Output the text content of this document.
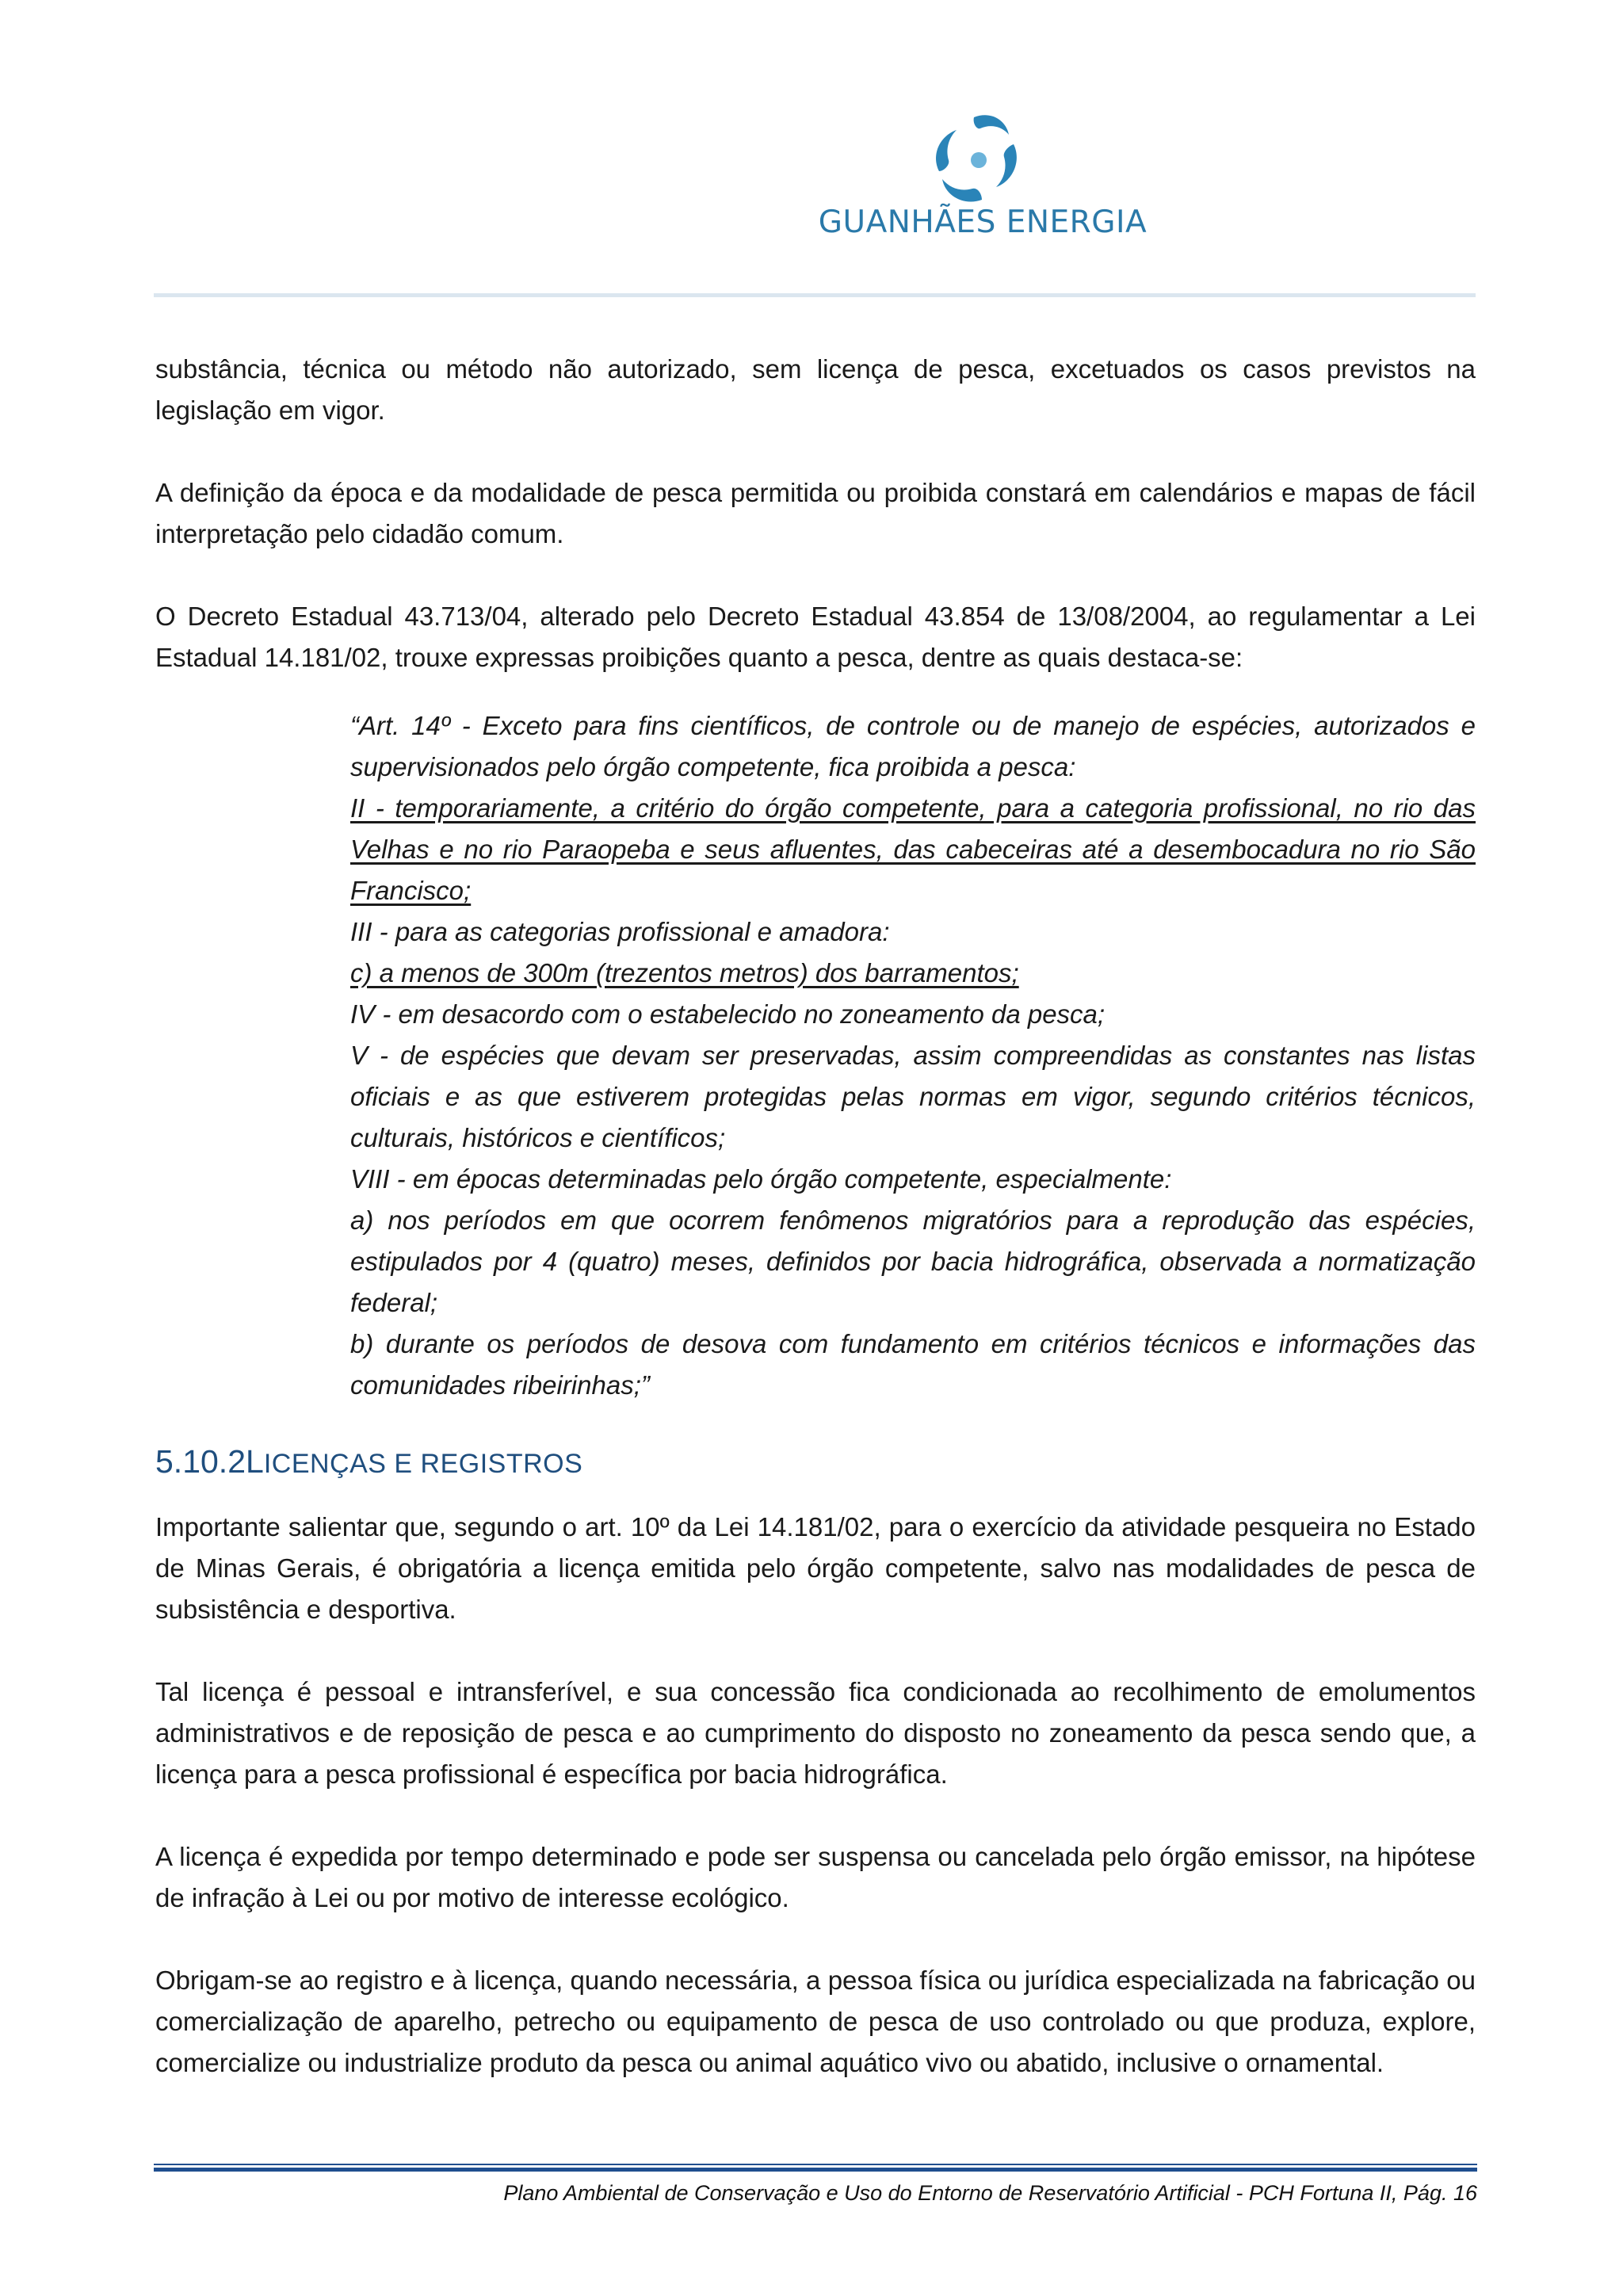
GUANHÃES ENERGIA

substância, técnica ou método não autorizado, sem licença de pesca, excetuados os casos previstos na legislação em vigor.

A definição da época e da modalidade de pesca permitida ou proibida constará em calendários e mapas de fácil interpretação pelo cidadão comum.

O Decreto Estadual 43.713/04, alterado pelo Decreto Estadual 43.854 de 13/08/2004, ao regulamentar a Lei Estadual 14.181/02, trouxe expressas proibições quanto a pesca, dentre as quais destaca-se:

“Art. 14º - Exceto para fins científicos, de controle ou de manejo de espécies, autorizados e supervisionados pelo órgão competente, fica proibida a pesca:

II - temporariamente, a critério do órgão competente, para a categoria profissional, no rio das Velhas e no rio Paraopeba e seus afluentes, das cabeceiras até a desembocadura no rio São Francisco;

III - para as categorias profissional e amadora:

c) a menos de 300m (trezentos metros) dos barramentos;

IV - em desacordo com o estabelecido no zoneamento da pesca;

V - de espécies que devam ser preservadas, assim compreendidas as constantes nas listas oficiais e as que estiverem protegidas pelas normas em vigor, segundo critérios técnicos, culturais, históricos e científicos;

VIII - em épocas determinadas pelo órgão competente, especialmente:

a) nos períodos em que ocorrem fenômenos migratórios para a reprodução das espécies, estipulados por 4 (quatro) meses, definidos por bacia hidrográfica, observada a normatização federal;

b) durante os períodos de desova com fundamento em critérios técnicos e informações das comunidades ribeirinhas;”

5.10.2LICENÇAS E REGISTROS

Importante salientar que, segundo o art. 10º da Lei 14.181/02, para o exercício da atividade pesqueira no Estado de Minas Gerais, é obrigatória a licença emitida pelo órgão competente, salvo nas modalidades de pesca de subsistência e desportiva.

Tal licença é pessoal e intransferível, e sua concessão fica condicionada ao recolhimento de emolumentos administrativos e de reposição de pesca e ao cumprimento do disposto no zoneamento da pesca sendo que, a licença para a pesca profissional é específica por bacia hidrográfica.

A licença é expedida por tempo determinado e pode ser suspensa ou cancelada pelo órgão emissor, na hipótese de infração à Lei ou por motivo de interesse ecológico.

Obrigam-se ao registro e à licença, quando necessária, a pessoa física ou jurídica especializada na fabricação ou comercialização de aparelho, petrecho ou equipamento de pesca de uso controlado ou que produza, explore, comercialize ou industrialize produto da pesca ou animal aquático vivo ou abatido, inclusive o ornamental.

Plano Ambiental de Conservação e Uso do Entorno de Reservatório Artificial - PCH Fortuna II, Pág. 16
